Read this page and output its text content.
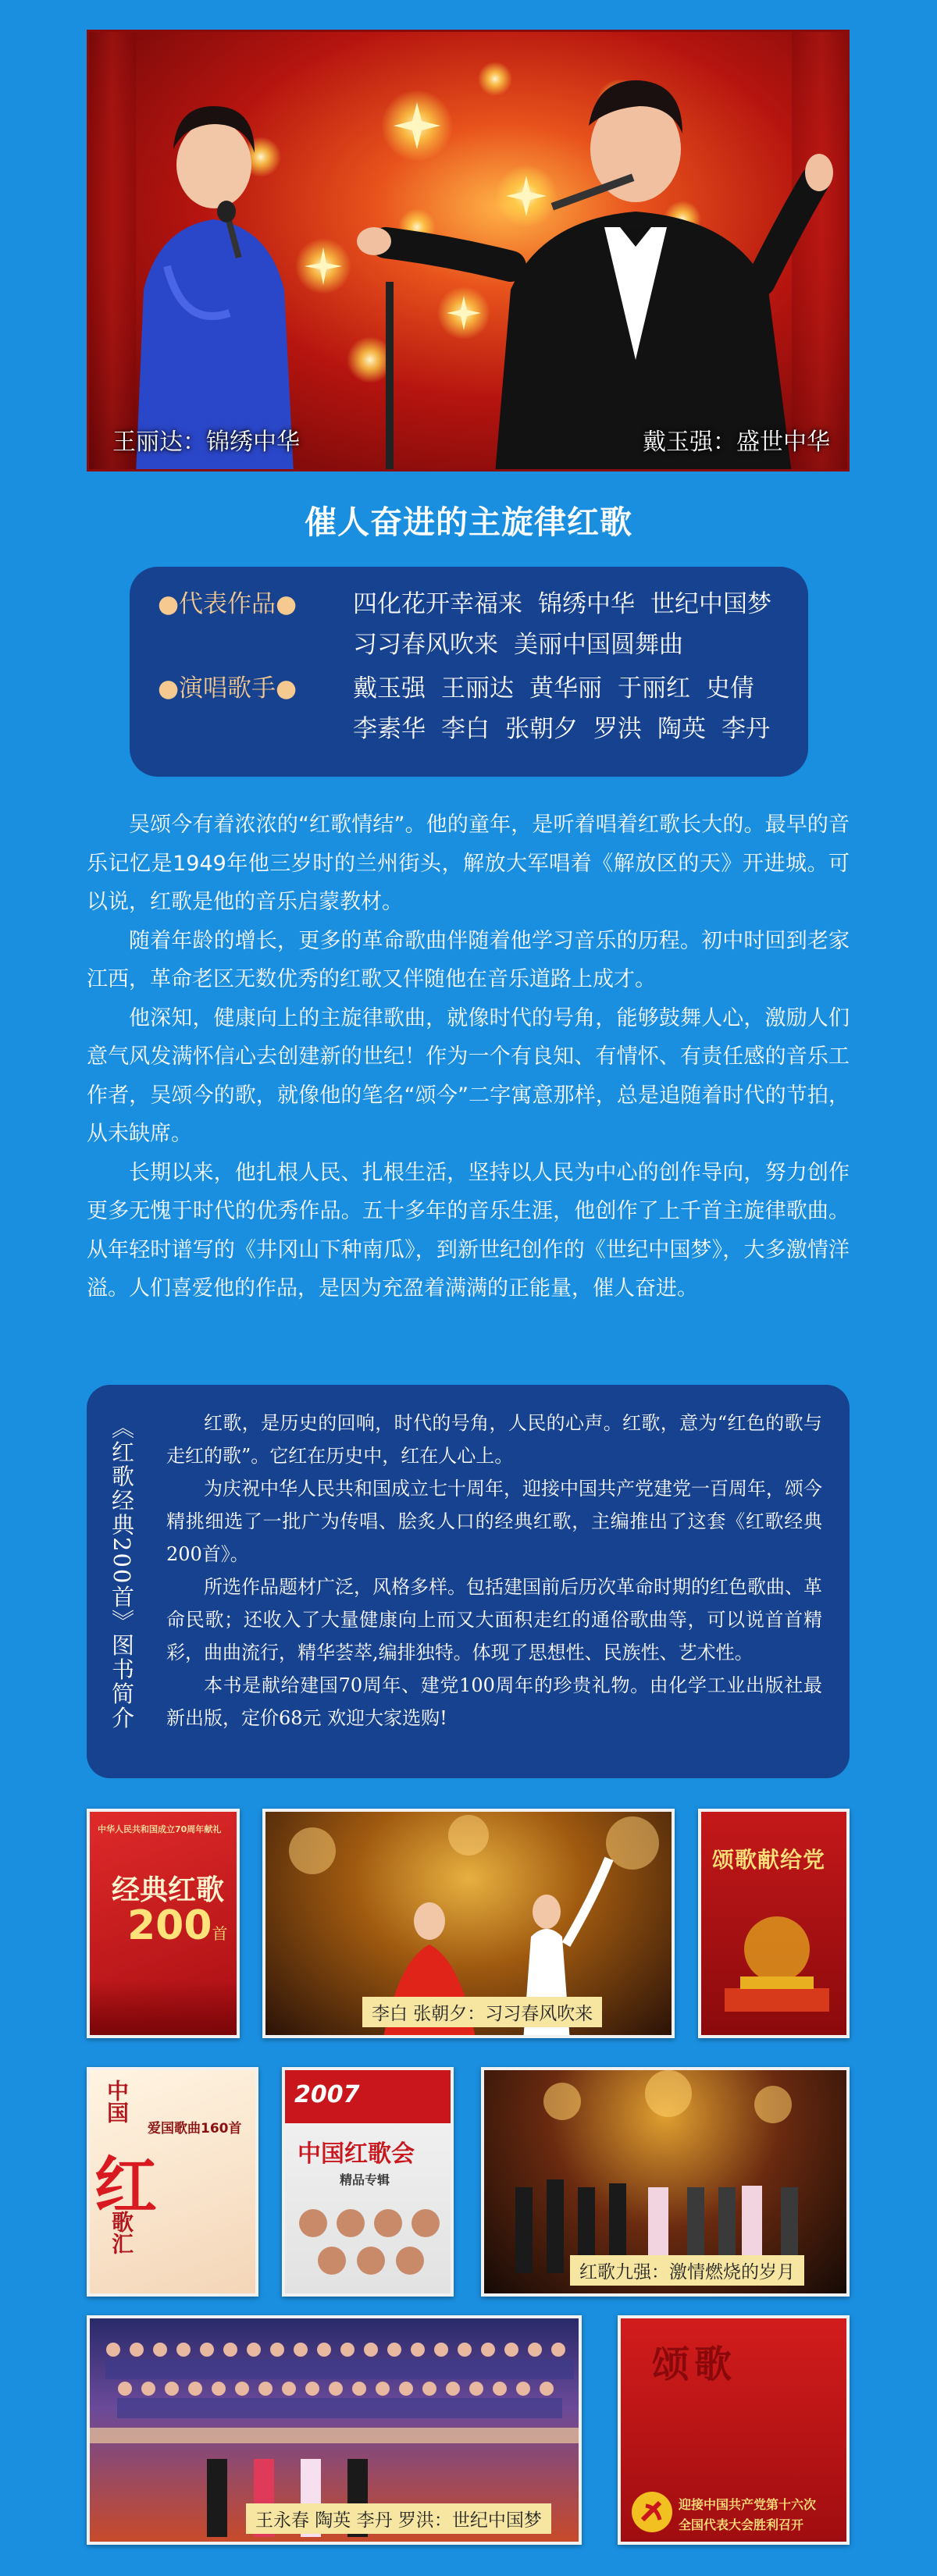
王丽达：锦绣中华	戴玉强：盛世中华
催人奋进的主旋律红歌
●代表作品● 四化花开幸福来 锦绣中华 世纪中国梦
习习春风吹来 美丽中国圆舞曲
●演唱歌手● 戴玉强 王丽达 黄华丽 于丽红 史倩
李素华 李白 张朝夕 罗洪 陶英 李丹

吴颂今有着浓浓的“红歌情结”。他的童年，是听着唱着红歌长大的。最早的音乐记忆是1949年他三岁时的兰州街头，解放大军唱着《解放区的天》开进城。可以说，红歌是他的音乐启蒙教材。

随着年龄的增长，更多的革命歌曲伴随着他学习音乐的历程。初中时回到老家江西，革命老区无数优秀的红歌又伴随他在音乐道路上成才。

他深知，健康向上的主旋律歌曲，就像时代的号角，能够鼓舞人心，激励人们意气风发满怀信心去创建新的世纪！作为一个有良知、有情怀、有责任感的音乐工作者，吴颂今的歌，就像他的笔名“颂今”二字寓意那样，总是追随着时代的节拍，从未缺席。

长期以来，他扎根人民、扎根生活，坚持以人民为中心的创作导向，努力创作更多无愧于时代的优秀作品。五十多年的音乐生涯，他创作了上千首主旋律歌曲。从年轻时谱写的《井冈山下种南瓜》，到新世纪创作的《世纪中国梦》，大多激情洋溢。人们喜爱他的作品，是因为充盈着满满的正能量，催人奋进。

《红歌经典200首》图书简介	红歌，是历史的回响，时代的号角，人民的心声。红歌，意为“红色的歌与走红的歌”。它红在历史中，红在人心上。

为庆祝中华人民共和国成立七十周年，迎接中国共产党建党一百周年，颂今精挑细选了一批广为传唱、脍炙人口的经典红歌，主编推出了这套《红歌经典200首》。

所选作品题材广泛，风格多样。包括建国前后历次革命时期的红色歌曲、革命民歌；还收入了大量健康向上而又大面积走红的通俗歌曲等，可以说首首精彩，曲曲流行，精华荟萃,编排独特。体现了思想性、民族性、艺术性。

本书是献给建国70周年、建党100周年的珍贵礼物。由化学工业出版社最新出版，定价68元 欢迎大家选购!

中华人民共和国成立70周年献礼
经典红歌
200首
李白 张朝夕：习习春风吹来
颂歌献给党
中国
红
歌汇
爱国歌曲160首
2007
中国红歌会
精品专辑
红歌九强：激情燃烧的岁月
王永春 陶英 李丹 罗洪：世纪中国梦
颂歌
迎接中国共产党第十六次
全国代表大会胜利召开
